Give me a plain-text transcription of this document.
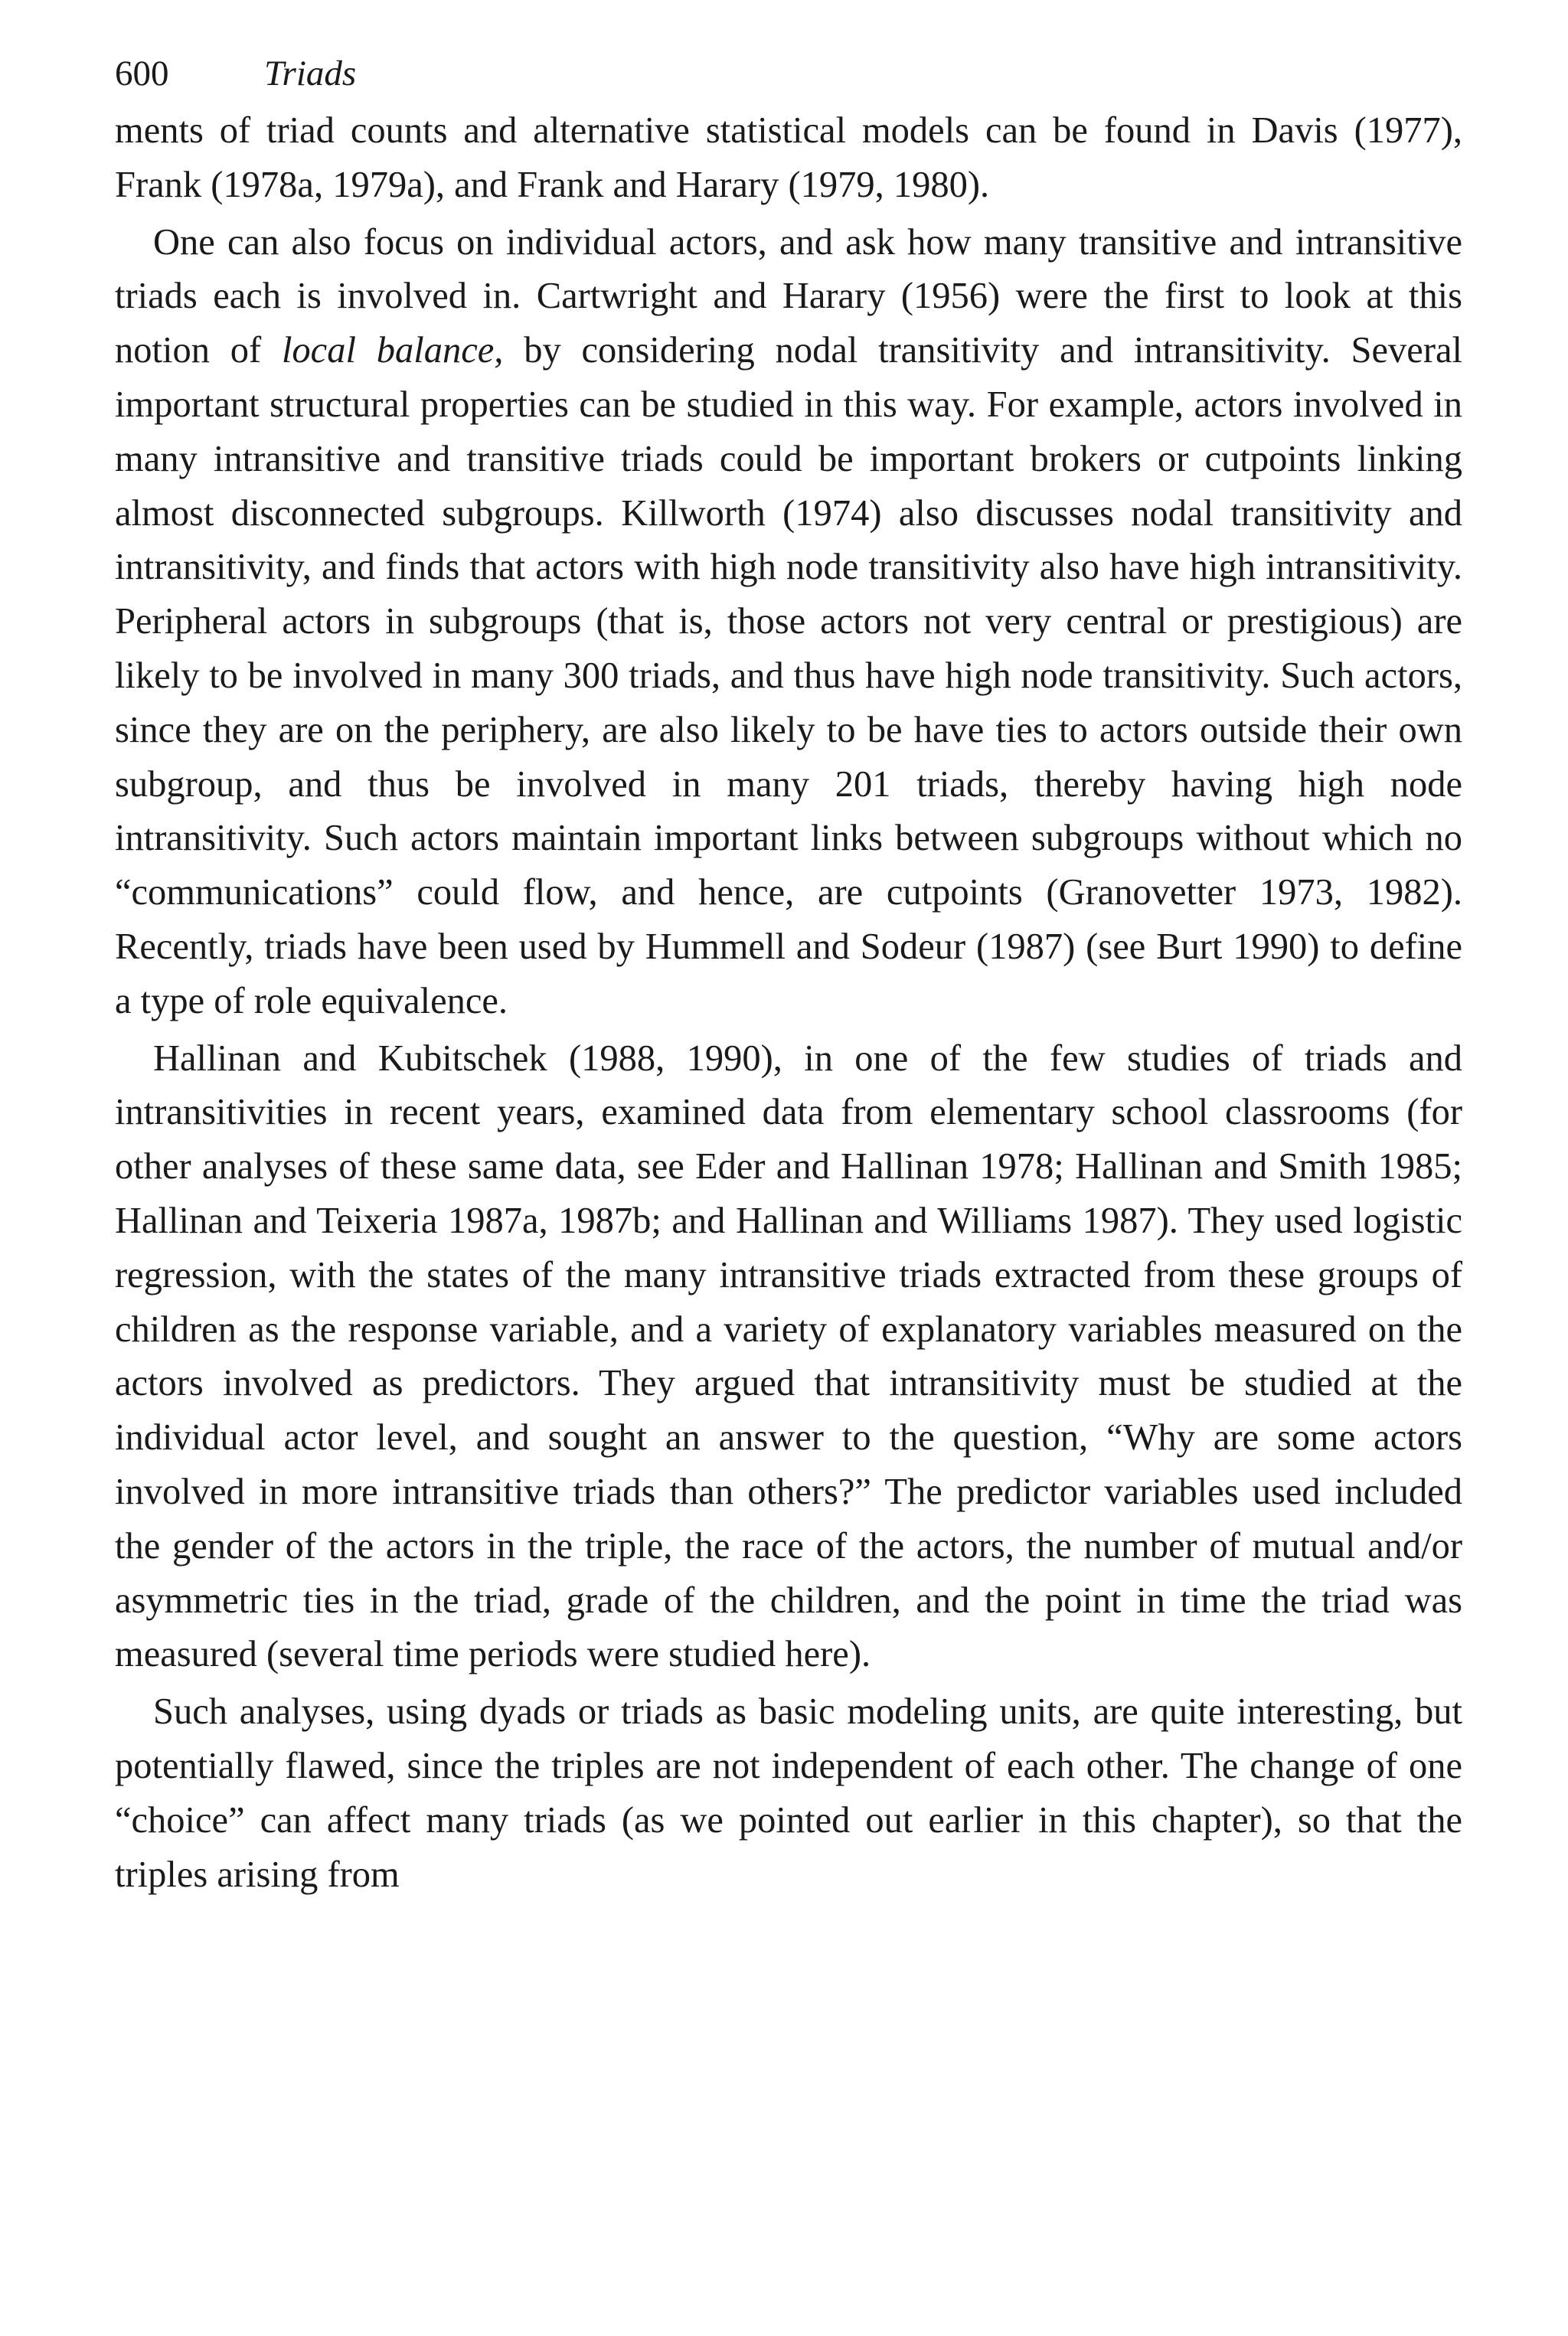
600	Triads

ments of triad counts and alternative statistical models can be found in Davis (1977), Frank (1978a, 1979a), and Frank and Harary (1979, 1980).

One can also focus on individual actors, and ask how many transitive and intransitive triads each is involved in. Cartwright and Harary (1956) were the first to look at this notion of local balance, by considering nodal transitivity and intransitivity. Several important structural properties can be studied in this way. For example, actors involved in many intransitive and transitive triads could be important brokers or cutpoints linking almost disconnected subgroups. Killworth (1974) also discusses nodal transitivity and intransitivity, and finds that actors with high node transitivity also have high intransitivity. Peripheral actors in subgroups (that is, those actors not very central or prestigious) are likely to be involved in many 300 triads, and thus have high node transitivity. Such actors, since they are on the periphery, are also likely to be have ties to actors outside their own subgroup, and thus be involved in many 201 triads, thereby having high node intransitivity. Such actors maintain important links between subgroups without which no “communications” could flow, and hence, are cutpoints (Granovetter 1973, 1982). Recently, triads have been used by Hummell and Sodeur (1987) (see Burt 1990) to define a type of role equivalence.

Hallinan and Kubitschek (1988, 1990), in one of the few studies of triads and intransitivities in recent years, examined data from elementary school classrooms (for other analyses of these same data, see Eder and Hallinan 1978; Hallinan and Smith 1985; Hallinan and Teixeria 1987a, 1987b; and Hallinan and Williams 1987). They used logistic regression, with the states of the many intransitive triads extracted from these groups of children as the response variable, and a variety of explanatory variables measured on the actors involved as predictors. They argued that intransitivity must be studied at the individual actor level, and sought an answer to the question, “Why are some actors involved in more intransitive triads than others?” The predictor variables used included the gender of the actors in the triple, the race of the actors, the number of mutual and/or asymmetric ties in the triad, grade of the children, and the point in time the triad was measured (several time periods were studied here).

Such analyses, using dyads or triads as basic modeling units, are quite interesting, but potentially flawed, since the triples are not independent of each other. The change of one “choice” can affect many triads (as we pointed out earlier in this chapter), so that the triples arising from
